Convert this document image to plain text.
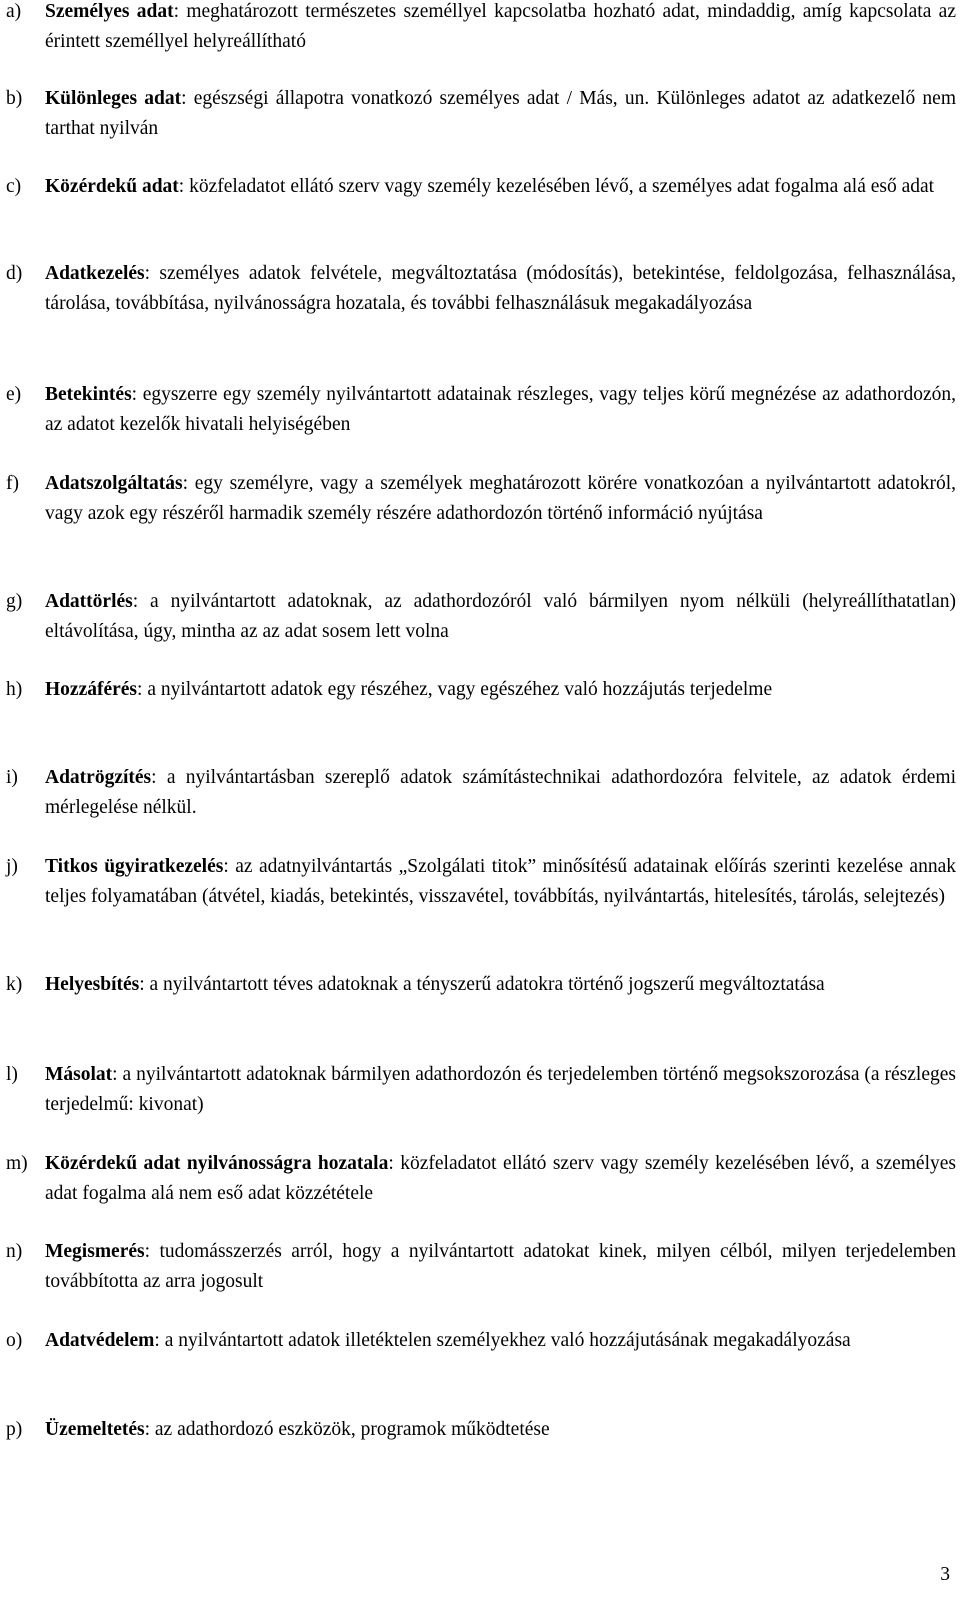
a) Személyes adat: meghatározott természetes személlyel kapcsolatba hozható adat, mindaddig, amíg kapcsolata az érintett személlyel helyreállítható
b) Különleges adat: egészségi állapotra vonatkozó személyes adat / Más, un. Különleges adatot az adatkezelő nem tarthat nyilván
c) Közérdekű adat: közfeladatot ellátó szerv vagy személy kezelésében lévő, a személyes adat fogalma alá eső adat
d) Adatkezelés: személyes adatok felvétele, megváltoztatása (módosítás), betekintése, feldolgozása, felhasználása, tárolása, továbbítása, nyilvánosságra hozatala, és további felhasználásuk megakadályozása
e) Betekintés: egyszerre egy személy nyilvántartott adatainak részleges, vagy teljes körű megnézése az adathordozón, az adatot kezelők hivatali helyiségében
f) Adatszolgáltatás: egy személyre, vagy a személyek meghatározott körére vonatkozóan a nyilvántartott adatokról, vagy azok egy részéről harmadik személy részére adathordozón történő információ nyújtása
g) Adattörlés: a nyilvántartott adatoknak, az adathordozóról való bármilyen nyom nélküli (helyreállíthatatlan) eltávolítása, úgy, mintha az az adat sosem lett volna
h) Hozzáférés: a nyilvántartott adatok egy részéhez, vagy egészéhez való hozzájutás terjedelme
i) Adatrögzítés: a nyilvántartásban szereplő adatok számítástechnikai adathordozóra felvitele, az adatok érdemi mérlegelése nélkül.
j) Titkos ügyiratkezelés: az adatnyilvántartás „Szolgálati titok” minősítésű adatainak előírás szerinti kezelése annak teljes folyamatában (átvétel, kiadás, betekintés, visszavétel, továbbítás, nyilvántartás, hitelesítés, tárolás, selejtezés)
k) Helyesbítés: a nyilvántartott téves adatoknak a tényszerű adatokra történő jogszerű megváltoztatása
l) Másolat: a nyilvántartott adatoknak bármilyen adathordozón és terjedelemben történő megsokszorozása (a részleges terjedelmű: kivonat)
m) Közérdekű adat nyilvánosságra hozatala: közfeladatot ellátó szerv vagy személy kezelésében lévő, a személyes adat fogalma alá nem eső adat közzététele
n) Megismerés: tudomásszerzés arról, hogy a nyilvántartott adatokat kinek, milyen célból, milyen terjedelemben továbbította az arra jogosult
o) Adatvédelem: a nyilvántartott adatok illetéktelen személyekhez való hozzájutásának megakadályozása
p) Üzemeltetés: az adathordozó eszközök, programok működtetése
3
